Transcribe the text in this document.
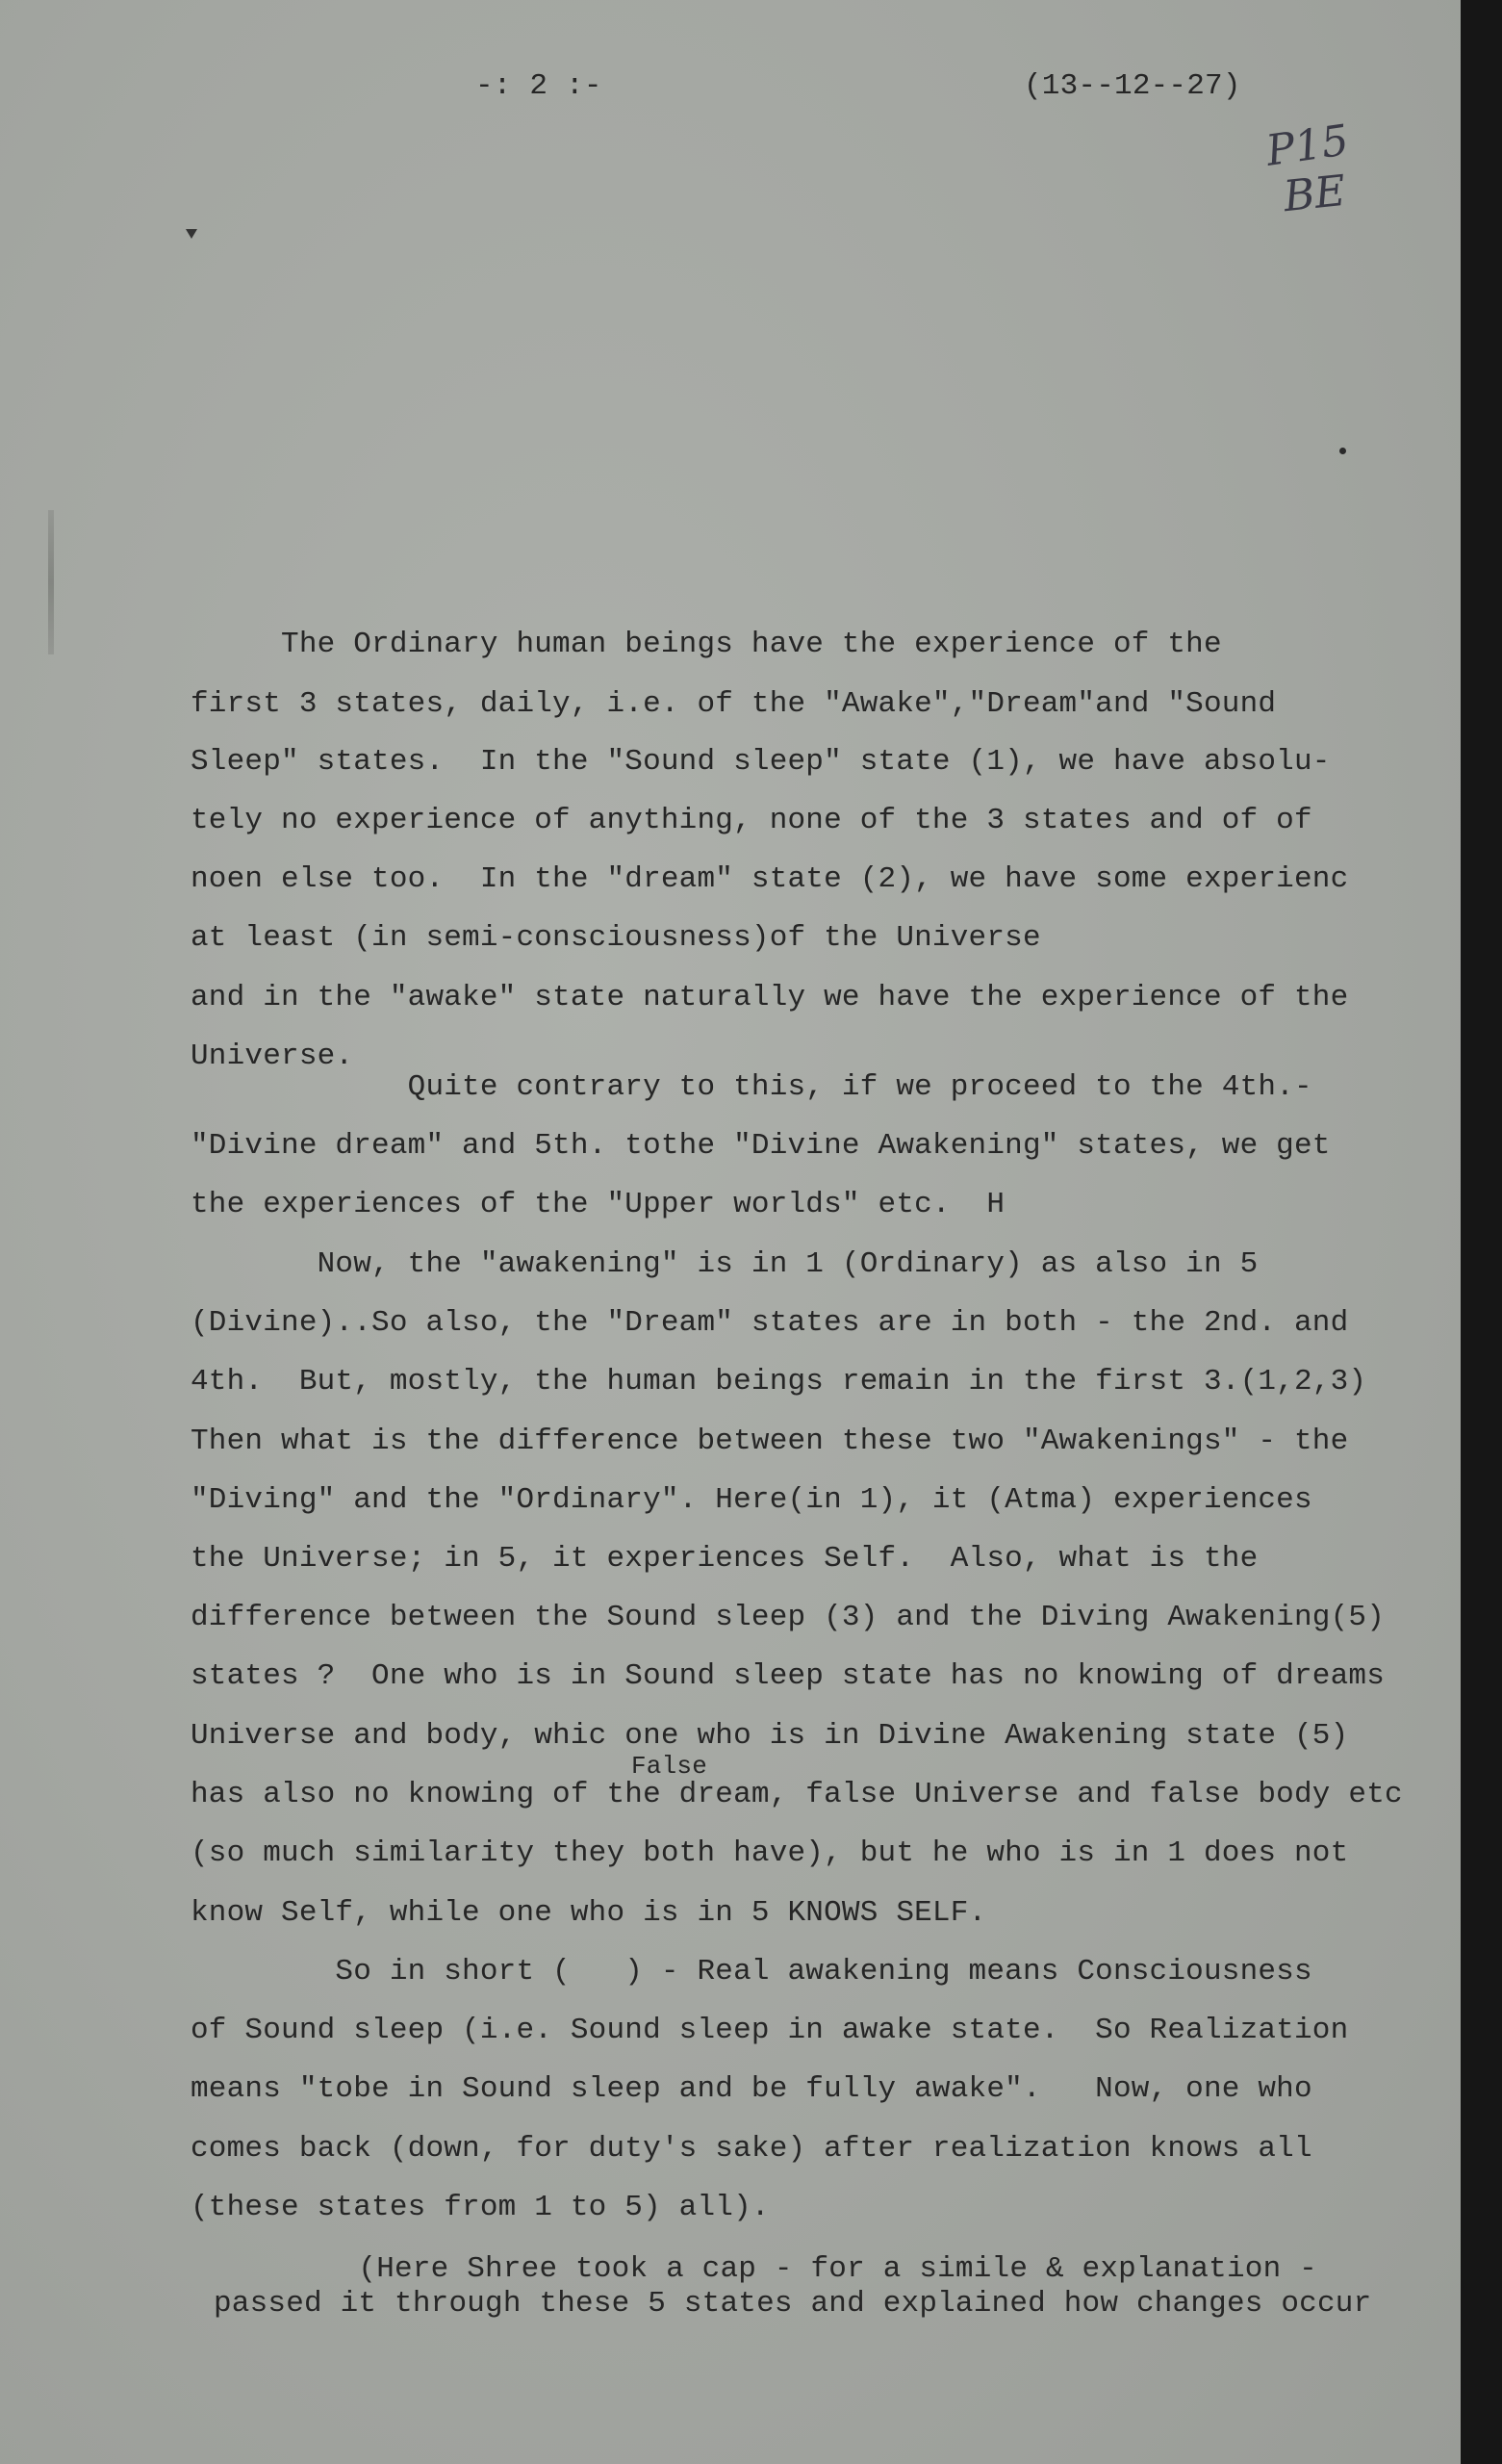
-: 2 :-	(13--12--27)
P15
BE
The Ordinary human beings have the experience of the
first 3 states, daily, i.e. of the "Awake","Dream"and "Sound
Sleep" states.  In the "Sound sleep" state (1), we have absolu-
tely no experience of anything, none of the 3 states and of of
noen else too.  In the "dream" state (2), we have some experienc
at least (in semi-consciousness)of the Universe
and in the "awake" state naturally we have the experience of the
Universe.
Quite contrary to this, if we proceed to the 4th.-
"Divine dream" and 5th. tothe "Divine Awakening" states, we get
the experiences of the "Upper worlds" etc.  H
Now, the "awakening" is in 1 (Ordinary) as also in 5
(Divine)..So also, the "Dream" states are in both - the 2nd. and
4th.  But, mostly, the human beings remain in the first 3.(1,2,3)
Then what is the difference between these two "Awakenings" - the
"Diving" and the "Ordinary". Here(in 1), it (Atma) experiences
the Universe; in 5, it experiences Self.  Also, what is the
difference between the Sound sleep (3) and the Diving Awakening(5)
states ?  One who is in Sound sleep state has no knowing of dreams
Universe and body, whic one who is in Divine Awakening state (5)
has also no knowing of the dream, false Universe and false body etc
(so much similarity they both have), but he who is in 1 does not
know Self, while one who is in 5 KNOWS SELF.
So in short (   ) - Real awakening means Consciousness
of Sound sleep (i.e. Sound sleep in awake state.  So Realization
means "tobe in Sound sleep and be fully awake".   Now, one who
comes back (down, for duty's sake) after realization knows all
(these states from 1 to 5) all).
False
(Here Shree took a cap - for a simile & explanation -
passed it through these 5 states and explained how changes occur
